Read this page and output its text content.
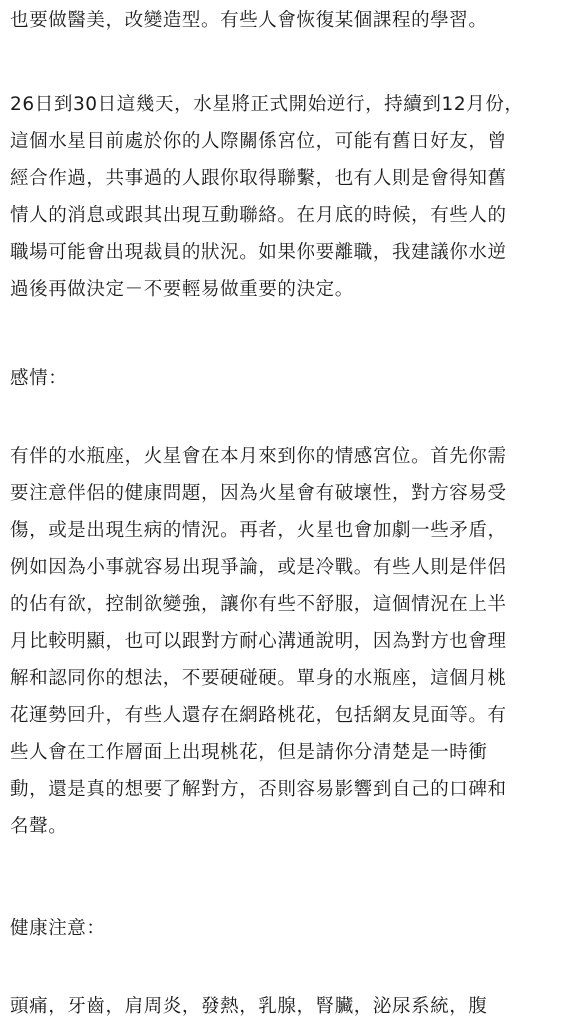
也要做醫美，改變造型。有些人會恢復某個課程的學習。

26日到30日這幾天，水星將正式開始逆行，持續到12月份，
這個水星目前處於你的人際關係宮位，可能有舊日好友，曾
經合作過，共事過的人跟你取得聯繫，也有人則是會得知舊
情人的消息或跟其出現互動聯絡。在月底的時候，有些人的
職場可能會出現裁員的狀況。如果你要離職，我建議你水逆
過後再做決定－不要輕易做重要的決定。

感情：

有伴的水瓶座，火星會在本月來到你的情感宮位。首先你需
要注意伴侶的健康問題，因為火星會有破壞性，對方容易受
傷，或是出現生病的情況。再者，火星也會加劇一些矛盾，
例如因為小事就容易出現爭論，或是冷戰。有些人則是伴侶
的佔有欲，控制欲變強，讓你有些不舒服，這個情況在上半
月比較明顯，也可以跟對方耐心溝通說明，因為對方也會理
解和認同你的想法，不要硬碰硬。單身的水瓶座，這個月桃
花運勢回升，有些人還存在網路桃花，包括網友見面等。有
些人會在工作層面上出現桃花，但是請你分清楚是一時衝
動，還是真的想要了解對方，否則容易影響到自己的口碑和
名聲。

健康注意：

頭痛，牙齒，肩周炎，發熱，乳腺，腎臟，泌尿系統，腹
